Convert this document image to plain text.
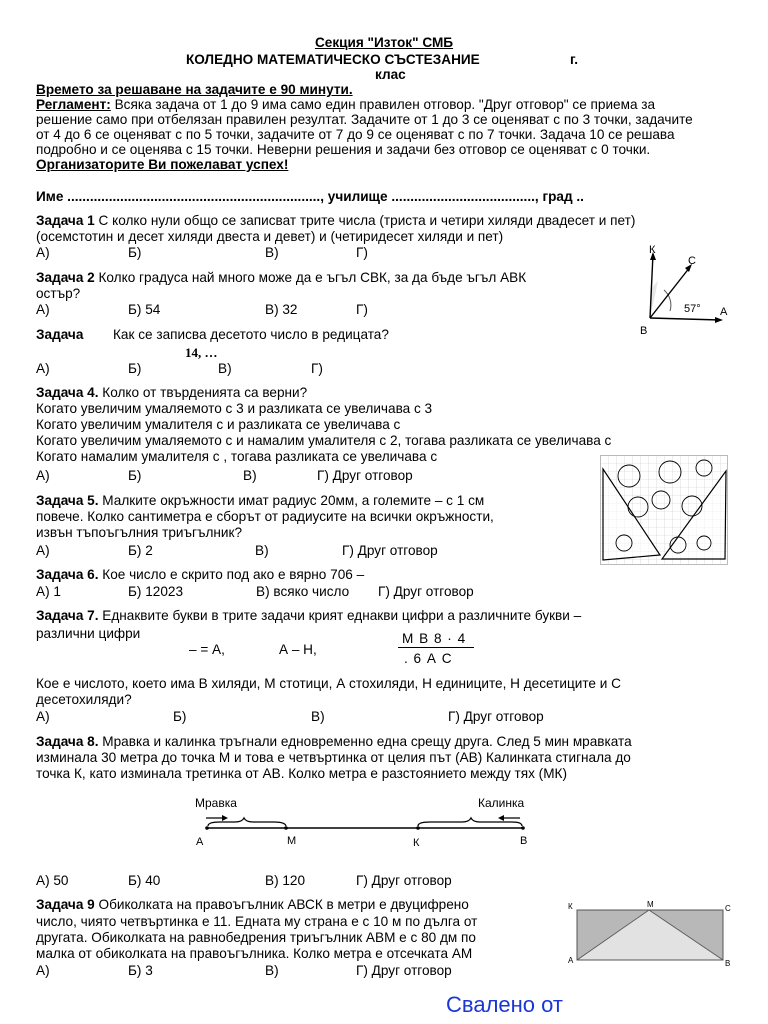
Секция "Изток" СМБ
КОЛЕДНО МАТЕМАТИЧЕСКО СЪСТЕЗАНИЕ	г.
клас
Времето за решаване на задачите е 90 минути.
Регламент: Всяка задача от 1 до 9 има само един правилен отговор. "Друг отговор" се приема за
решение само при отбелязан правилен резултат. Задачите от 1 до 3 се оценяват с по 3 точки, задачите
от 4 до 6 се оценяват с по 5 точки, задачите от 7 до 9 се оценяват с по 7 точки. Задача 10 се решава
подробно и се оценява с 15 точки. Неверни решения и задачи без отговор се оценяват с 0 точки.
Организаторите Ви пожелават успех!
Име ..................................................................., училище ......................................, град ..
Задача 1 С колко нули общо се записват трите числа (триста и четири хиляди двадесет и пет)
(осемстотин и десет хиляди двеста и девет) и (четиридесет хиляди и пет)
А)	Б)	В)	Г)
Задача 2 Колко градуса най много може да е ъгъл СВК, за да бъде ъгъл АВК
остър?
А)	Б) 54	В) 32	Г)
К
С
А
В
57°
Задача Как се записва десетото число в редицата?
14, …
А)	Б)	В)	Г)
Задача 4. Колко от твърденията са верни?
Когато увеличим умаляемото с 3 и разликата се увеличава с 3
Когато увеличим умалителя с и разликата се увеличава с
Когато увеличим умаляемото с и намалим умалителя с 2, тогава разликата се увеличава с
Когато намалим умалителя с , тогава разликата се увеличава с
А)	Б)	В)	Г) Друг отговор
Задача 5. Малките окръжности имат радиус 20мм, а големите – с 1 см
повече. Колко сантиметра е сборът от радиусите на всички окръжности,
извън тъпоъгълния триъгълник?
А)	Б) 2	В)	Г) Друг отговор
Задача 6. Кое число е скрито под ако е вярно 706 –
А) 1	Б) 12023	В) всяко число Г) Друг отговор
Задача 7. Еднаквите букви в трите задачи крият еднакви цифри а различните букви –
различни цифри
– = А,	А – Н,
М В 8 · 4
. 6 А С
Кое е числото, което има В хиляди, М стотици, А стохиляди, Н единиците, Н десетиците и С
десетохиляди?
А)	Б)	В)	Г) Друг отговор
Задача 8. Мравка и калинка тръгнали едновременно една срещу друга. След 5 мин мравката
изминала 30 метра до точка М и това е четвъртинка от целия път (АВ) Калинката стигнала до
точка К, като изминала третинка от АВ. Колко метра е разстоянието между тях (МК)
Мравка	Калинка
А	М	К	В
А) 50	Б) 40	В) 120	Г) Друг отговор
Задача 9 Обиколката на правоъгълник АВСК в метри е двуцифрено
число, чиято четвъртинка е 11. Едната му страна е с 10 м по дълга от
другата. Обиколката на равнобедрения триъгълник АВМ е с 80 дм по
малка от обиколката на правоъгълника. Колко метра е отсечката АМ
А)	Б) 3	В)	Г) Друг отговор
К	М	С
А	В
Свалено от
